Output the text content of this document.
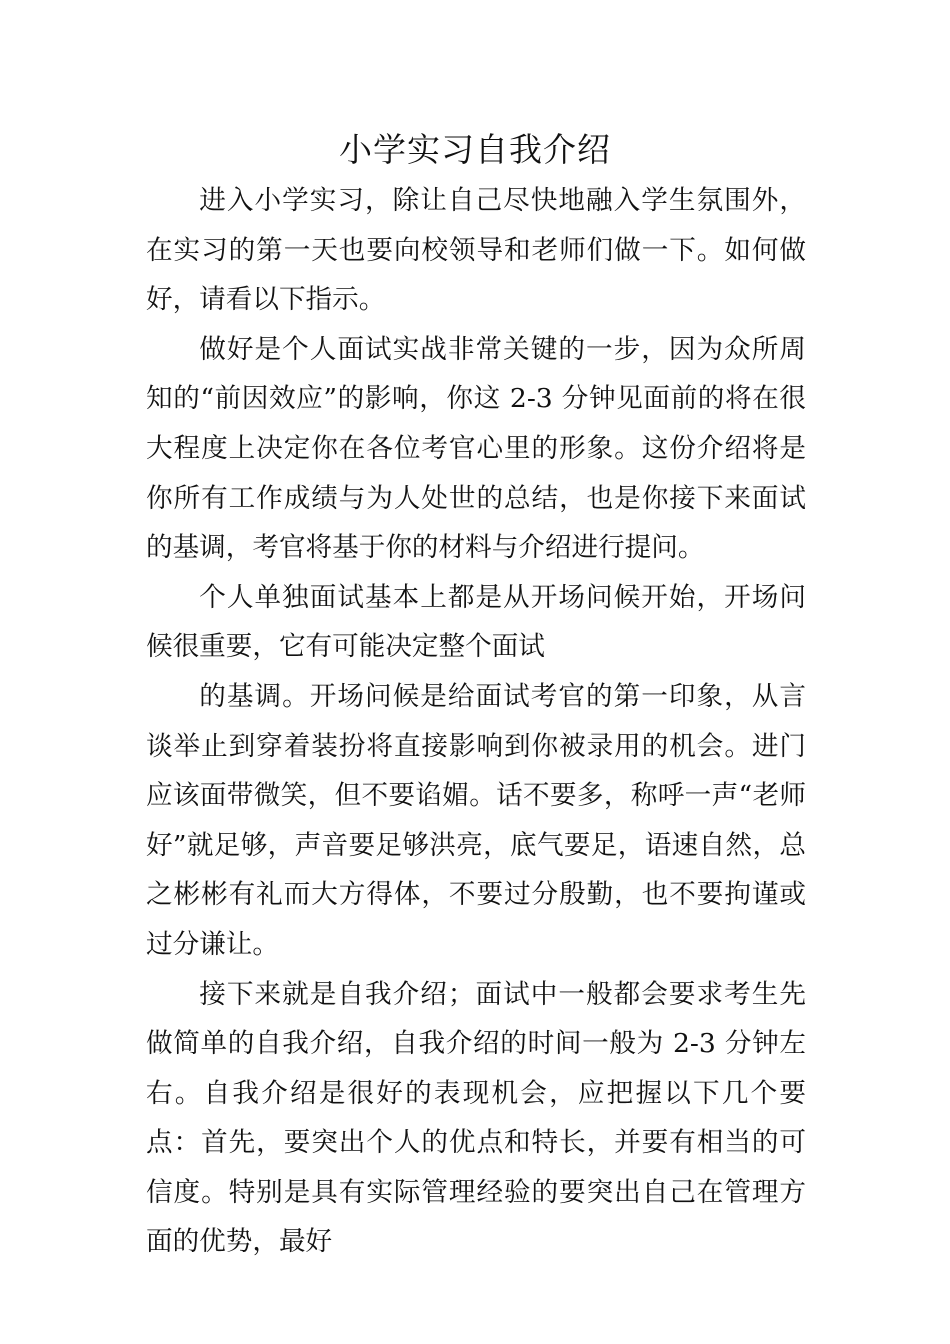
小学实习自我介绍

进入小学实习，除让自己尽快地融入学生氛围外，在实习的第一天也要向校领导和老师们做一下。如何做好，请看以下指示。

做好是个人面试实战非常关键的一步，因为众所周知的“前因效应”的影响，你这 2-3 分钟见面前的将在很大程度上决定你在各位考官心里的形象。这份介绍将是你所有工作成绩与为人处世的总结，也是你接下来面试的基调，考官将基于你的材料与介绍进行提问。

个人单独面试基本上都是从开场问候开始，开场问候很重要，它有可能决定整个面试

的基调。开场问候是给面试考官的第一印象，从言谈举止到穿着装扮将直接影响到你被录用的机会。进门应该面带微笑，但不要谄媚。话不要多，称呼一声“老师好”就足够，声音要足够洪亮，底气要足，语速自然，总之彬彬有礼而大方得体，不要过分殷勤，也不要拘谨或过分谦让。

接下来就是自我介绍；面试中一般都会要求考生先做简单的自我介绍，自我介绍的时间一般为 2-3 分钟左右。自我介绍是很好的表现机会，应把握以下几个要点：首先，要突出个人的优点和特长，并要有相当的可信度。特别是具有实际管理经验的要突出自己在管理方面的优势，最好
